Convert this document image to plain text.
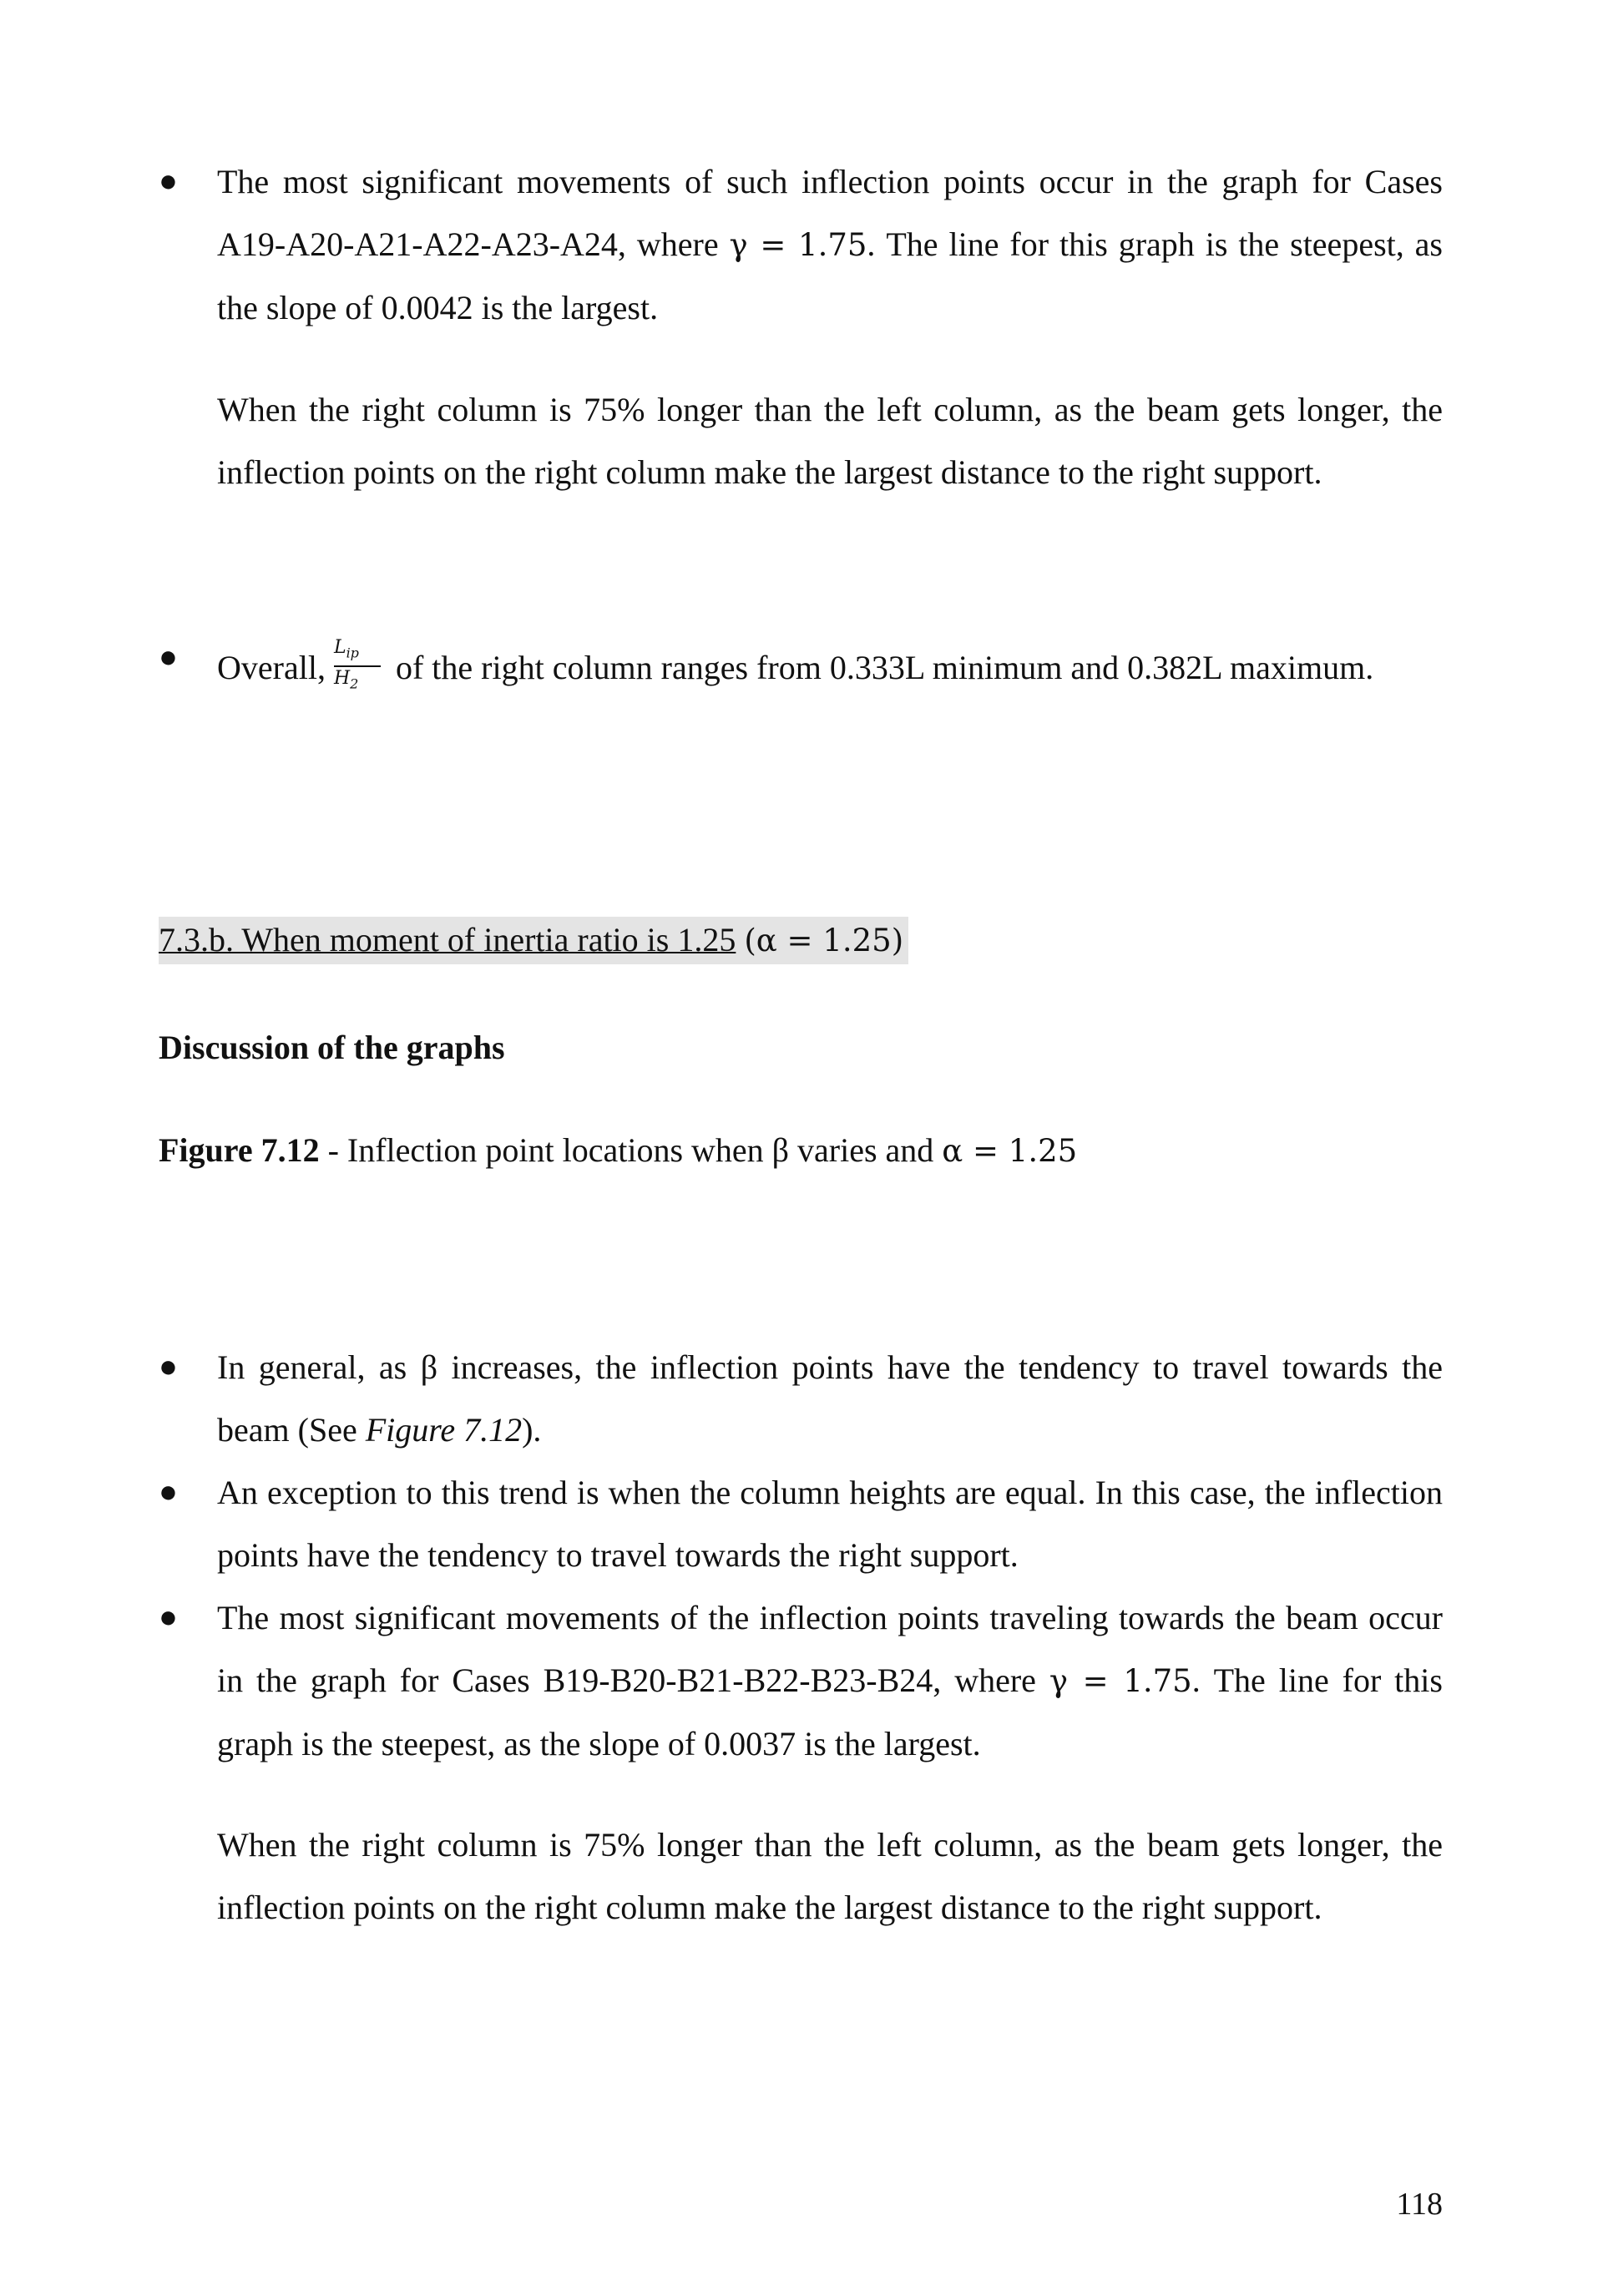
● The most significant movements of such inflection points occur in the graph for Cases A19-A20-A21-A22-A23-A24, where γ = 1.75. The line for this graph is the steepest, as the slope of 0.0042 is the largest.
When the right column is 75% longer than the left column, as the beam gets longer, the inflection points on the right column make the largest distance to the right support.
● Overall, $\frac{L_{ip}}{H_2}$ of the right column ranges from 0.333L minimum and 0.382L maximum.
7.3.b. When moment of inertia ratio is 1.25 (α = 1.25)
Discussion of the graphs
Figure 7.12 - Inflection point locations when β varies and α = 1.25
● In general, as β increases, the inflection points have the tendency to travel towards the beam (See Figure 7.12).
● An exception to this trend is when the column heights are equal. In this case, the inflection points have the tendency to travel towards the right support.
● The most significant movements of the inflection points traveling towards the beam occur in the graph for Cases B19-B20-B21-B22-B23-B24, where γ = 1.75. The line for this graph is the steepest, as the slope of 0.0037 is the largest.
When the right column is 75% longer than the left column, as the beam gets longer, the inflection points on the right column make the largest distance to the right support.
118
